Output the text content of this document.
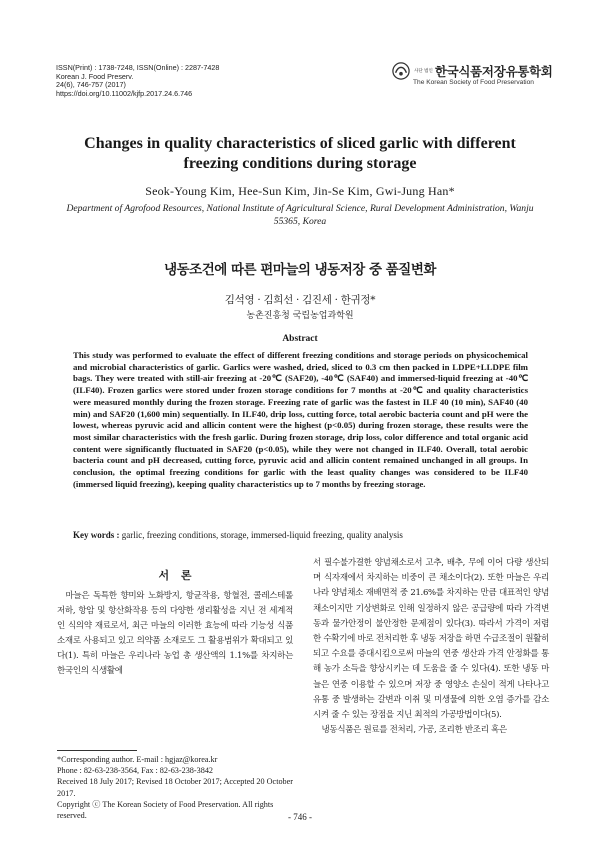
ISSN(Print) : 1738-7248, ISSN(Online) : 2287-7428
Korean J. Food Preserv.
24(6), 746-757 (2017)
https://doi.org/10.11002/kjfp.2017.24.6.746
사단 법인 한국식품저장유통학회
The Korean Society of Food Preservation
Changes in quality characteristics of sliced garlic with different freezing conditions during storage
Seok-Young Kim, Hee-Sun Kim, Jin-Se Kim, Gwi-Jung Han*
Department of Agrofood Resources, National Institute of Agricultural Science, Rural Development Administration, Wanju 55365, Korea
냉동조건에 따른 편마늘의 냉동저장 중 품질변화
김석영 · 김희선 · 김진세 · 한귀정*
농촌진흥청 국립농업과학원
Abstract
This study was performed to evaluate the effect of different freezing conditions and storage periods on physicochemical and microbial characteristics of garlic. Garlics were washed, dried, sliced to 0.3 cm then packed in LDPE+LLDPE film bags. They were treated with still-air freezing at -20℃ (SAF20), -40℃ (SAF40) and immersed-liquid freezing at -40℃ (ILF40). Frozen garlics were stored under frozen storage conditions for 7 months at -20℃ and quality characteristics were measured monthly during the frozen storage. Freezing rate of garlic was the fastest in ILF 40 (10 min), SAF40 (40 min) and SAF20 (1,600 min) sequentially. In ILF40, drip loss, cutting force, total aerobic bacteria count and pH were the lowest, whereas pyruvic acid and allicin content were the highest (p<0.05) during frozen storage, these results were the most similar characteristics with the fresh garlic. During frozen storage, drip loss, color difference and total organic acid content were significantly fluctuated in SAF20 (p<0.05), while they were not changed in ILF40. Overall, total aerobic bacteria count and pH decreased, cutting force, pyruvic acid and allicin content remained unchanged in all groups. In conclusion, the optimal freezing conditions for garlic with the least quality changes was considered to be ILF40 (immersed liquid freezing), keeping quality characteristics up to 7 months by freezing storage.
Key words : garlic, freezing conditions, storage, immersed-liquid freezing, quality analysis
서 론

마늘은 독특한 향미와 노화방지, 항균작용, 항혈전, 콜레스테롤 저하, 항암 및 항산화작용 등의 다양한 생리활성을 지닌 전 세계적인 식의약 재료로서, 최근 마늘의 이러한 효능에 따라 기능성 식품소재로 사용되고 있고 의약품 소재로도 그 활용범위가 확대되고 있다(1). 특히 마늘은 우리나라 농업 총 생산액의 1.1%를 차지하는 한국인의 식생활에

서 필수불가결한 양념채소로서 고추, 배추, 무에 이어 다량 생산되며 식자재에서 차지하는 비중이 큰 채소이다(2). 또한 마늘은 우리나라 양념채소 재배면적 중 21.6%를 차지하는 만큼 대표적인 양념채소이지만 기상변화로 인해 일정하지 않은 공급량에 따라 가격변동과 물가안정이 불안정한 문제점이 있다(3). 따라서 가격이 저렴한 수확기에 바로 전처리한 후 냉동 저장을 하면 수급조절이 원활히 되고 수요를 증대시킴으로써 마늘의 연중 생산과 가격 안정화를 통해 농가 소득을 향상시키는 데 도움을 줄 수 있다(4). 또한 냉동 마늘은 연중 이용할 수 있으며 저장 중 영양소 손실이 적게 나타나고 유통 중 발생하는 갈변과 이취 및 미생물에 의한 오염 증가를 감소시켜 줄 수 있는 장점을 지닌 최적의 가공방법이다(5).

냉동식품은 원료를 전처리, 가공, 조리한 반조리 혹은

*Corresponding author. E-mail : hgjaz@korea.kr
Phone : 82-63-238-3564, Fax : 82-63-238-3842
Received 18 July 2017; Revised 18 October 2017; Accepted 20 October 2017.
Copyright ⓒ The Korean Society of Food Preservation. All rights reserved.	- 746 -
